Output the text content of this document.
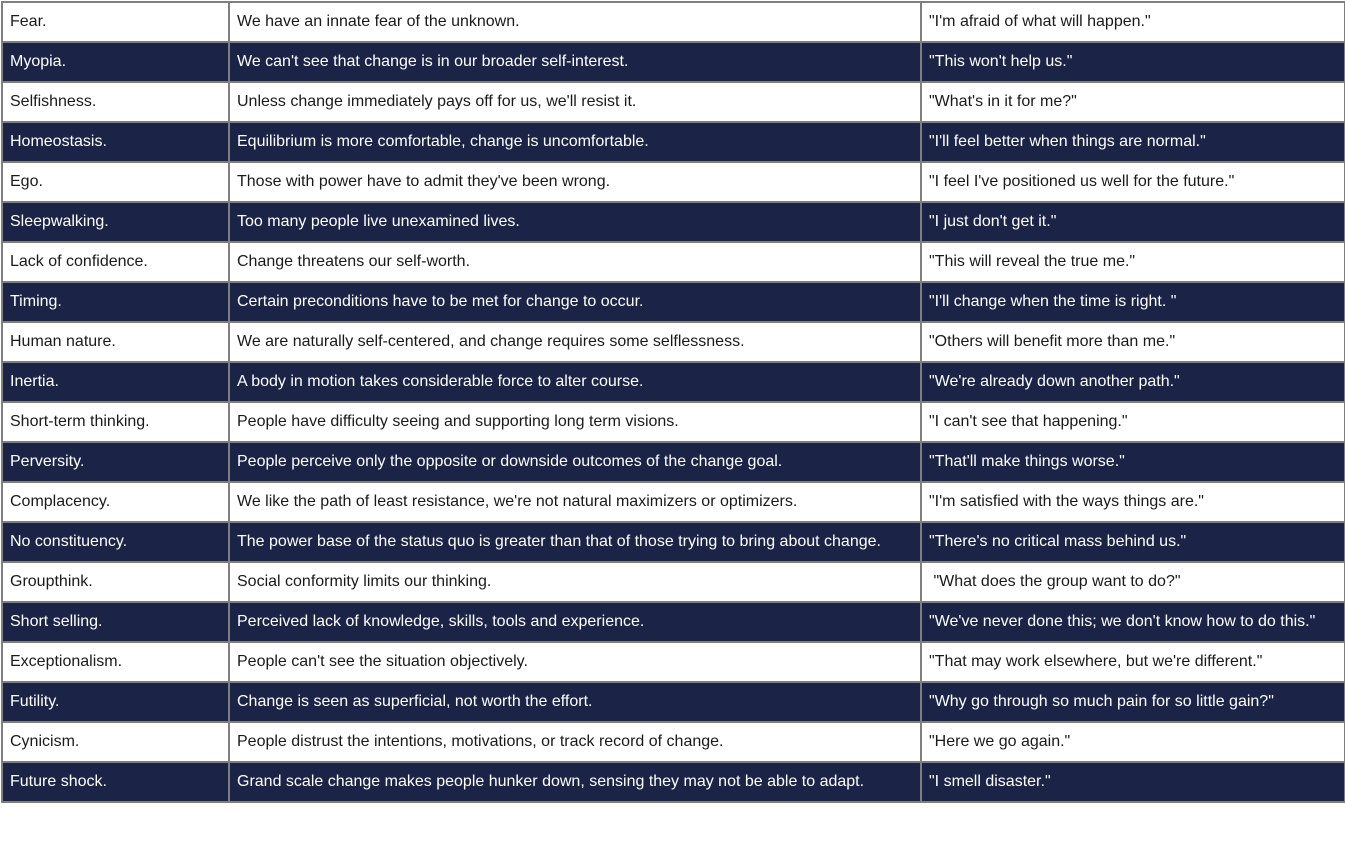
Fear.	We have an innate fear of the unknown.	"I'm afraid of what will happen."
Myopia.	We can't see that change is in our broader self-interest.	"This won't help us."
Selfishness.	Unless change immediately pays off for us, we'll resist it.	"What's in it for me?"
Homeostasis.	Equilibrium is more comfortable, change is uncomfortable.	"I'll feel better when things are normal."
Ego.	Those with power have to admit they've been wrong.	"I feel I've positioned us well for the future."
Sleepwalking.	Too many people live unexamined lives.	"I just don't get it."
Lack of confidence.	Change threatens our self-worth.	"This will reveal the true me."
Timing.	Certain preconditions have to be met for change to occur.	"I'll change when the time is right. "
Human nature.	We are naturally self-centered, and change requires some selflessness.	"Others will benefit more than me."
Inertia.	A body in motion takes considerable force to alter course.	"We're already down another path."
Short-term thinking.	People have difficulty seeing and supporting long term visions.	"I can't see that happening."
Perversity.	People perceive only the opposite or downside outcomes of the change goal.	"That'll make things worse."
Complacency.	We like the path of least resistance, we're not natural maximizers or optimizers.	"I'm satisfied with the ways things are."
No constituency.	The power base of the status quo is greater than that of those trying to bring about change.	"There's no critical mass behind us."
Groupthink.	Social conformity limits our thinking.	"What does the group want to do?"
Short selling.	Perceived lack of knowledge, skills, tools and experience.	"We've never done this; we don't know how to do this."
Exceptionalism.	People can't see the situation objectively.	"That may work elsewhere, but we're different."
Futility.	Change is seen as superficial, not worth the effort.	"Why go through so much pain for so little gain?"
Cynicism.	People distrust the intentions, motivations, or track record of change.	"Here we go again."
Future shock.	Grand scale change makes people hunker down, sensing they may not be able to adapt.	"I smell disaster."
